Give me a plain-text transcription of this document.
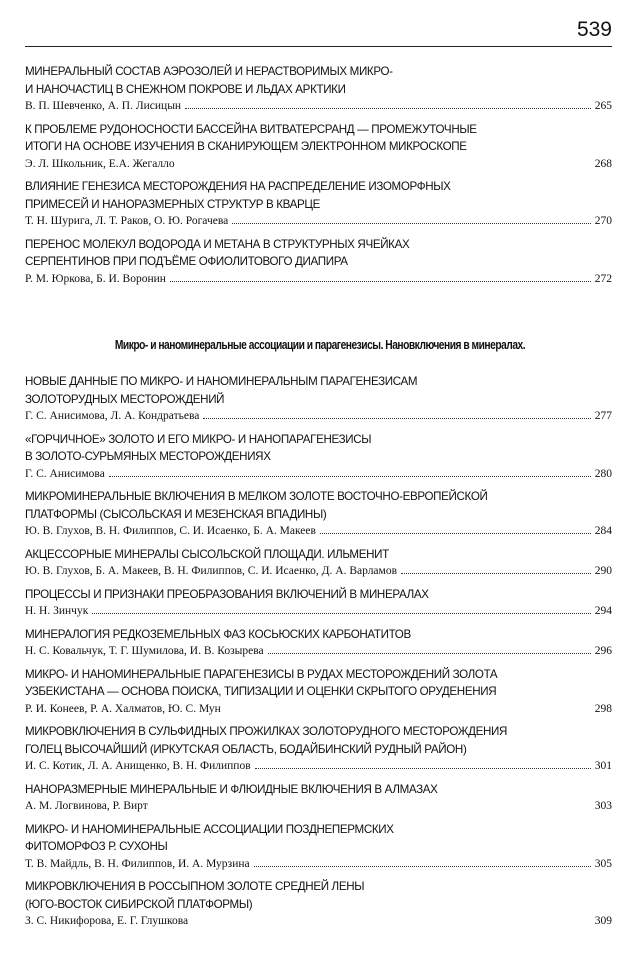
539
МИНЕРАЛЬНЫЙ СОСТАВ АЭРОЗОЛЕЙ И НЕРАСТВОРИМЫХ МИКРО-
И НАНОЧАСТИЦ В СНЕЖНОМ ПОКРОВЕ И ЛЬДАХ АРКТИКИ
В. П. Шевченко, А. П. Лисицын	265
К ПРОБЛЕМЕ РУДОНОСНОСТИ БАССЕЙНА ВИТВАТЕРСРАНД — ПРОМЕЖУТОЧНЫЕ
ИТОГИ НА ОСНОВЕ ИЗУЧЕНИЯ В СКАНИРУЮЩЕМ ЭЛЕКТРОННОМ МИКРОСКОПЕ
Э. Л. Школьник, Е.А. Жегалло	268
ВЛИЯНИЕ ГЕНЕЗИСА МЕСТОРОЖДЕНИЯ НА РАСПРЕДЕЛЕНИЕ ИЗОМОРФНЫХ
ПРИМЕСЕЙ И НАНОРАЗМЕРНЫХ СТРУКТУР В КВАРЦЕ
Т. Н. Шурига, Л. Т. Раков, О. Ю. Рогачева	270
ПЕРЕНОС МОЛЕКУЛ ВОДОРОДА И МЕТАНА В СТРУКТУРНЫХ ЯЧЕЙКАХ
СЕРПЕНТИНОВ ПРИ ПОДЪЁМЕ ОФИОЛИТОВОГО ДИАПИРА
Р. М. Юркова, Б. И. Воронин	272
Микро- и наноминеральные ассоциации и парагенезисы. Нановключения в минералах.
НОВЫЕ ДАННЫЕ ПО МИКРО- И НАНОМИНЕРАЛЬНЫМ ПАРАГЕНЕЗИСАМ
ЗОЛОТОРУДНЫХ МЕСТОРОЖДЕНИЙ
Г. С. Анисимова, Л. А. Кондратьева	277
«ГОРЧИЧНОЕ» ЗОЛОТО И ЕГО МИКРО- И НАНОПАРАГЕНЕЗИСЫ
В ЗОЛОТО-СУРЬМЯНЫХ МЕСТОРОЖДЕНИЯХ
Г. С. Анисимова	280
МИКРОМИНЕРАЛЬНЫЕ ВКЛЮЧЕНИЯ В МЕЛКОМ ЗОЛОТЕ ВОСТОЧНО-ЕВРОПЕЙСКОЙ
ПЛАТФОРМЫ (СЫСОЛЬСКАЯ И МЕЗЕНСКАЯ ВПАДИНЫ)
Ю. В. Глухов, В. Н. Филиппов, С. И. Исаенко, Б. А. Макеев	284
АКЦЕССОРНЫЕ МИНЕРАЛЫ СЫСОЛЬСКОЙ ПЛОЩАДИ. ИЛЬМЕНИТ
Ю. В. Глухов, Б. А. Макеев, В. Н. Филиппов, С. И. Исаенко, Д. А. Варламов	290
ПРОЦЕССЫ И ПРИЗНАКИ ПРЕОБРАЗОВАНИЯ ВКЛЮЧЕНИЙ В МИНЕРАЛАХ
Н. Н. Зинчук	294
МИНЕРАЛОГИЯ РЕДКОЗЕМЕЛЬНЫХ ФАЗ КОСЬЮСКИХ КАРБОНАТИТОВ
Н. С. Ковальчук, Т. Г. Шумилова, И. В. Козырева	296
МИКРО- И НАНОМИНЕРАЛЬНЫЕ ПАРАГЕНЕЗИСЫ В РУДАХ МЕСТОРОЖДЕНИЙ ЗОЛОТА
УЗБЕКИСТАНА — ОСНОВА ПОИСКА, ТИПИЗАЦИИ И ОЦЕНКИ СКРЫТОГО ОРУДЕНЕНИЯ
Р. И. Конеев, Р. А. Халматов, Ю. С. Мун	298
МИКРОВКЛЮЧЕНИЯ В СУЛЬФИДНЫХ ПРОЖИЛКАХ ЗОЛОТОРУДНОГО МЕСТОРОЖДЕНИЯ
ГОЛЕЦ ВЫСОЧАЙШИЙ (ИРКУТСКАЯ ОБЛАСТЬ, БОДАЙБИНСКИЙ РУДНЫЙ РАЙОН)
И. С. Котик, Л. А. Анищенко, В. Н. Филиппов	301
НАНОРАЗМЕРНЫЕ МИНЕРАЛЬНЫЕ И ФЛЮИДНЫЕ ВКЛЮЧЕНИЯ В АЛМАЗАХ
А. М. Логвинова, Р. Вирт	303
МИКРО- И НАНОМИНЕРАЛЬНЫЕ АССОЦИАЦИИ ПОЗДНЕПЕРМСКИХ
ФИТОМОРФОЗ Р. СУХОНЫ
Т. В. Майдль, В. Н. Филиппов, И. А. Мурзина	305
МИКРОВКЛЮЧЕНИЯ В РОССЫПНОМ ЗОЛОТЕ СРЕДНЕЙ ЛЕНЫ
(ЮГО-ВОСТОК СИБИРСКОЙ ПЛАТФОРМЫ)
З. С. Никифорова, Е. Г. Глушкова	309
